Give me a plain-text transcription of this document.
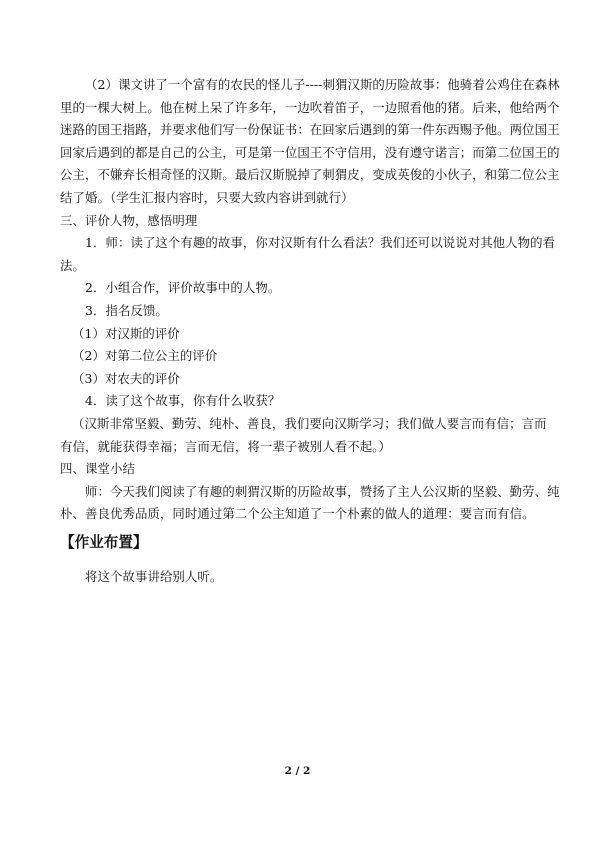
（2）课文讲了一个富有的农民的怪儿子----刺猬汉斯的历险故事：他骑着公鸡住在森林
里的一棵大树上。他在树上呆了许多年，一边吹着笛子，一边照看他的猪。后来，他给两个
迷路的国王指路，并要求他们写一份保证书：在回家后遇到的第一件东西赐予他。两位国王
回家后遇到的都是自己的公主，可是第一位国王不守信用，没有遵守诺言；而第二位国王的
公主，不嫌弃长相奇怪的汉斯。最后汉斯脱掉了刺猬皮，变成英俊的小伙子，和第二位公主
结了婚。（学生汇报内容时，只要大致内容讲到就行）
三、评价人物，感悟明理
1．师：读了这个有趣的故事，你对汉斯有什么看法？我们还可以说说对其他人物的看
法。
2．小组合作，评价故事中的人物。
3．指名反馈。
（1）对汉斯的评价
（2）对第二位公主的评价
（3）对农夫的评价
4．读了这个故事，你有什么收获？
（汉斯非常坚毅、勤劳、纯朴、善良，我们要向汉斯学习；我们做人要言而有信；言而
有信，就能获得幸福；言而无信，将一辈子被别人看不起。）
四、课堂小结
师：今天我们阅读了有趣的刺猬汉斯的历险故事，赞扬了主人公汉斯的坚毅、勤劳、纯
朴、善良优秀品质，同时通过第二个公主知道了一个朴素的做人的道理：要言而有信。
【作业布置】
将这个故事讲给别人听。
2 / 2
